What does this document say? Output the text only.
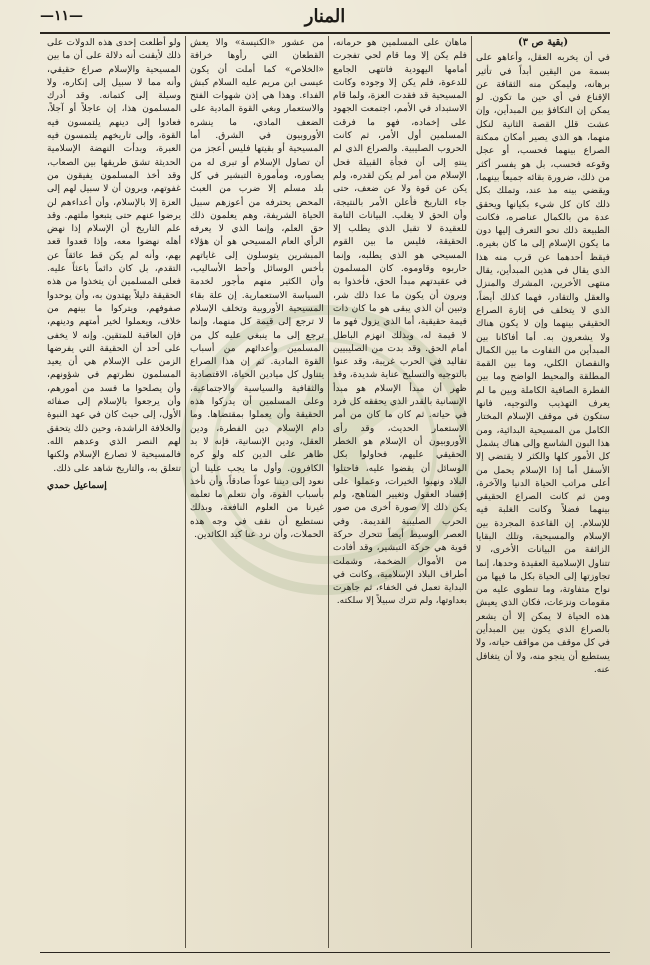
—١١—	المنار
(بقية ص ٣)

في أن يخربه العقل، وأعاهو على بسمة من اليقين أبداً في تأثير برهانه، وليمكن منه الثقافة عن الإقناع في أي حين ما تكون. لو يمكن إن التكافؤ بين المبدأين، وإن عشت قلل القصة الثانية لنكل منهما، هو الذي يصير أمكان ممكنة الصراع بينهما فحسب، أو عجل وقوعه فحسب، بل هو يفسر أكثر من ذلك، ضرورة بقائه جميعاً بينهما، ويقضي بينه مذ عند، وتملك بكل ذلك كان كل شيء بكيانها ويحقق عدة من بالكمال عناصره، فكانت الطبيعة ذلك نحو التعرف إليها دون ما يكون الإسلام إلى ما كان بغيره. فيقظ أحدهما عن قرب منه هذا الذي يقال في هذين المبدأين، يقال منتهى الأخرين، المشرك والمنزل والعقل والتقادر، فهما كذلك أيضاً، الذي لا يتخلف في إثارة الصراع الحقيقي بينهما وإن لا يكون هناك ولا يشعرون به. أما أفاكانا بين المبدأين من التفاوت ما بين الكمال والنقصان الكلي، وما بين القمة المطلقة والمحيط الواضح وما بين الفطرة الصافية الكاملة وبين ما لم يعرف التهذيب والتوجيه، فانها ستكون في موقف الإسلام المختار الكامل من المسيحية البدائية، ومن هذا البون الشاسع وإلى هناك يشمل كل الأمور كلها والكثر لا يقتضي إلا الأسفل أما إذا الإسلام يحمل من أعلى مراتب الحياة الدنيا والآخرة، ومن ثم كانت الصراع الحقيقي بينهما فضلاً وكانت الغلبة فيه للإسلام. إن القاعدة المجردة بين الإسلام والمسيحية، وتلك البقايا الزائفة من البيانات الأخرى، لا تتناول الإسلامية العقيدة وحدها، إنما تجاوزتها إلى الحياة بكل ما فيها من نواح متفاوتة، وما تنطوي عليه من مقومات ونزعات، فكان الذي يعيش هذه الحياة لا يمكن إلا أن يشعر بالصراع الذي يكون بين المبدأين في كل موقف من مواقف حياته، ولا يستطيع أن ينجو منه، ولا أن يتغافل عنه.

ماهان على المسلمين هو حرمانه، فلم يكن إلا وما قام لحي تفجرت أمامها اليهودية فانتهى الجامع للدعوة، فلم يكن إلا وجوده وكانت المسيحية قد فقدت العزة، ولما قام الاستبداد في الأمم، اجتمعت الجهود على إخماده، فهو ما فرقت المسلمين أول الأمر، ثم كانت الحروب الصليبية. والصراع الذي لم ينتهِ إلى أن فجأة القبيلة فحل الإسلام من أمر لم يكن لقدره، ولم يكن عن قوة ولا عن ضعف، حتى جاء التاريخ فأعلن الأمر بالنتيجة، وأن الحق لا يغلب. البيانات التامة للعقيدة لا تقبل الذي يطلب إلا الحقيقة، فليس ما بين القوم المسيحي هو الذي يطلبه، وإنما حاربوه وقاوموه. كان المسلمون في عقيدتهم مبدأ الحق، فأخذوا به ويرون أن يكون ما عدا ذلك شر، وتبين أن الذي يبقى هو ما كان ذات قيمة حقيقية، أما الذي يزول فهو ما لا قيمة له، وبذلك انهزم الباطل أمام الحق. وقد بدت من الصليبيين تقاليد في الحرب غريبة، وقد عنوا بالتوجيه والتسليح عناية شديدة، وقد ظهر أن مبدأ الإسلام هو مبدأ الإنسانية بالقدر الذي يحققه كل فرد في حياته. ثم كان ما كان من أمر الاستعمار الحديث، وقد رأى الأوروبيون أن الإسلام هو الخطر الحقيقي عليهم، فحاولوا بكل الوسائل أن يقضوا عليه، فاحتلوا البلاد ونهبوا الخيرات، وعملوا على إفساد العقول وتغيير المناهج، ولم يكن ذلك إلا صورة أخرى من صور الحرب الصليبية القديمة. وفي العصر الوسيط أيضاً تتحرك حركة قوية هي حركة التبشير، وقد أفادت من الأموال الضخمة، وشملت أطراف البلاد الإسلامية، وكانت في البداية تعمل في الخفاء، ثم جاهرت بعداوتها، ولم تترك سبيلاً إلا سلكته.

من عشور «الكنيسة» والا يعش القطعان التي رأوها خرافة «الخلاص» كما أملت أن يكون عيسى ابن مريم عليه السلام كبش الفداء. وهذا هي إذن شهوات الفتح والاستعمار وبغي القوة المادية على الضعف المادي، ما ينشره الأوروبيون في الشرق. أما المسيحية أو بقيتها فليس أعجز من أن تصاول الإسلام أو تبرى له من يصاوره، ومأمورة التبشير في كل بلد مسلم إلا ضرب من العبث المحض يحترفه من أعوزهم سبيل الحياة الشريفة، وهم يعلمون ذلك حق العلم، وإنما الذي لا يعرفه الرأي العام المسيحي هو أن هؤلاء المبشرين يتوسلون إلى غاياتهم بأخس الوسائل وأحط الأساليب، وأن الكثير منهم مأجور لخدمة السياسة الاستعمارية. إن علة بقاء المسيحية الأوروبية وتخلف الإسلام لا ترجع إلى قيمة كل منهما، وإنما ترجع إلى ما ينبغي عليه كل من المسلمين وأعدائهم من أسباب القوة المادية. ثم إن هذا الصراع يتناول كل ميادين الحياة، الاقتصادية والثقافية والسياسية والاجتماعية، وعلى المسلمين أن يدركوا هذه الحقيقة وأن يعملوا بمقتضاها. وما دام الإسلام دين الفطرة، ودين العقل، ودين الإنسانية، فإنه لا بد ظاهر على الدين كله ولو كره الكافرون. وأول ما يجب علينا أن نعود إلى ديننا عوداً صادقاً، وأن نأخذ بأسباب القوة، وأن نتعلم ما تعلمه غيرنا من العلوم النافعة، وبذلك نستطيع أن نقف في وجه هذه الحملات، وأن نرد عنا كيد الكائدين.

ولو أطلعت إحدى هذه الدولات على ذلك لأيقنت أنه دلالة على أن ما بين المسيحية والإسلام صراع حقيقي، وأنه مما لا سبيل إلى إنكاره، ولا وسيلة إلى كتمانه. وقد أدرك المسلمون هذا، إن عاجلاً أو آجلاً، فعادوا إلى دينهم يلتمسون فيه القوة، وإلى تاريخهم يلتمسون فيه العبرة، وبدأت النهضة الإسلامية الحديثة تشق طريقها بين الصعاب، وقد أخذ المسلمون يفيقون من غفوتهم، ويرون أن لا سبيل لهم إلى العزة إلا بالإسلام، وأن أعداءهم لن يرضوا عنهم حتى يتبعوا ملتهم. وقد علم التاريخ أن الإسلام إذا نهض أهله نهضوا معه، وإذا قعدوا قعد بهم، وأنه لم يكن قط عائقاً عن التقدم، بل كان دائماً باعثاً عليه. فعلى المسلمين أن يتخذوا من هذه الحقيقة دليلاً يهتدون به، وأن يوحدوا صفوفهم، ويتركوا ما بينهم من خلاف، ويعملوا لخير أمتهم ودينهم، فإن العاقبة للمتقين. وإنه لا يخفى على أحد أن الحقيقة التي يفرضها الزمن على الإسلام هي أن يعيد المسلمون نظرتهم في شؤونهم، وأن يصلحوا ما فسد من أمورهم، وأن يرجعوا بالإسلام إلى صفائه الأول، إلى حيث كان في عهد النبوة والخلافة الراشدة، وحين ذلك يتحقق لهم النصر الذي وعدهم الله. فالمسيحية لا تصارع الإسلام ولكنها تتعلق به، والتاريخ شاهد على ذلك.

إسماعيل حمدي
